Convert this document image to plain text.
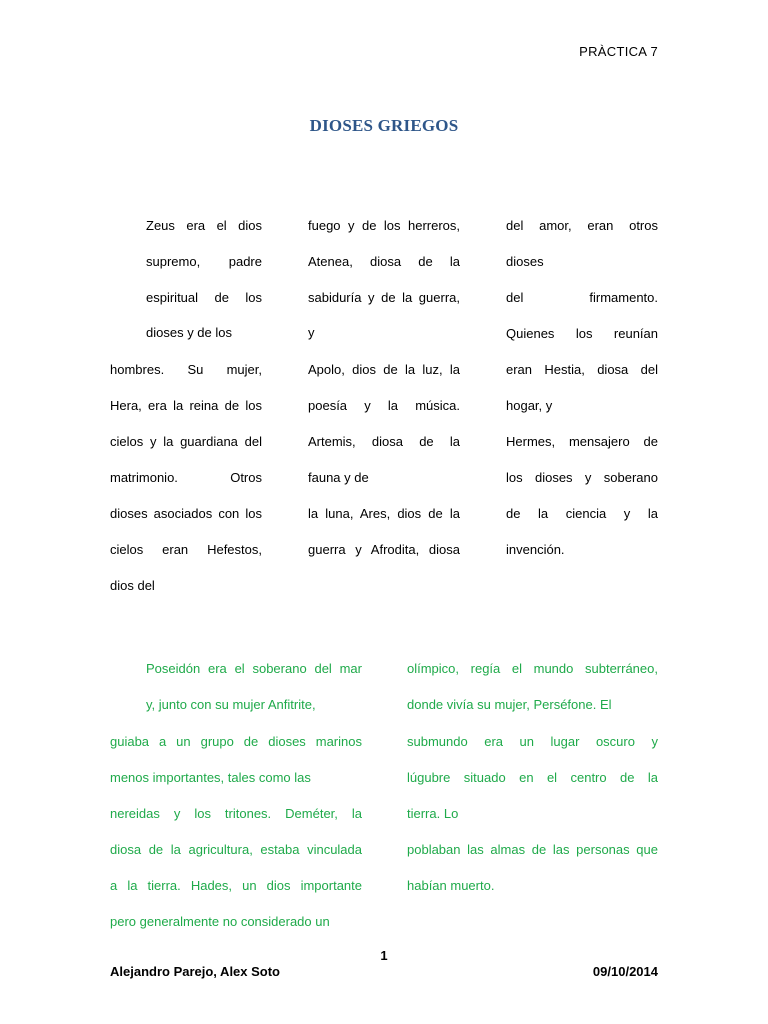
PRÀCTICA 7
DIOSES GRIEGOS
Zeus era el dios
supremo, padre
espiritual de los
dioses y de los
hombres. Su mujer,
Hera, era la reina de los
cielos y la guardiana del
matrimonio. Otros
dioses asociados con los
cielos eran Hefestos,
dios del
fuego y de los herreros,
Atenea, diosa de la
sabiduría y de la guerra,
y
Apolo, dios de la luz, la
poesía y la música.
Artemis, diosa de la
fauna y de
la luna, Ares, dios de la
guerra y Afrodita, diosa
del amor, eran otros
dioses
del firmamento.
Quienes los reunían
eran Hestia, diosa del
hogar, y
Hermes, mensajero de
los dioses y soberano
de la ciencia y la
invención.
Poseidón era el soberano del mar
y, junto con su mujer Anfitrite,
guiaba a un grupo de dioses marinos
menos importantes, tales como las
nereidas y los tritones. Deméter, la
diosa de la agricultura, estaba vinculada
a la tierra. Hades, un dios importante
pero generalmente no considerado un
olímpico, regía el mundo subterráneo,
donde vivía su mujer, Perséfone. El
submundo era un lugar oscuro y
lúgubre situado en el centro de la
tierra. Lo
poblaban las almas de las personas que
habían muerto.
1
Alejandro Parejo, Alex Soto	09/10/2014
